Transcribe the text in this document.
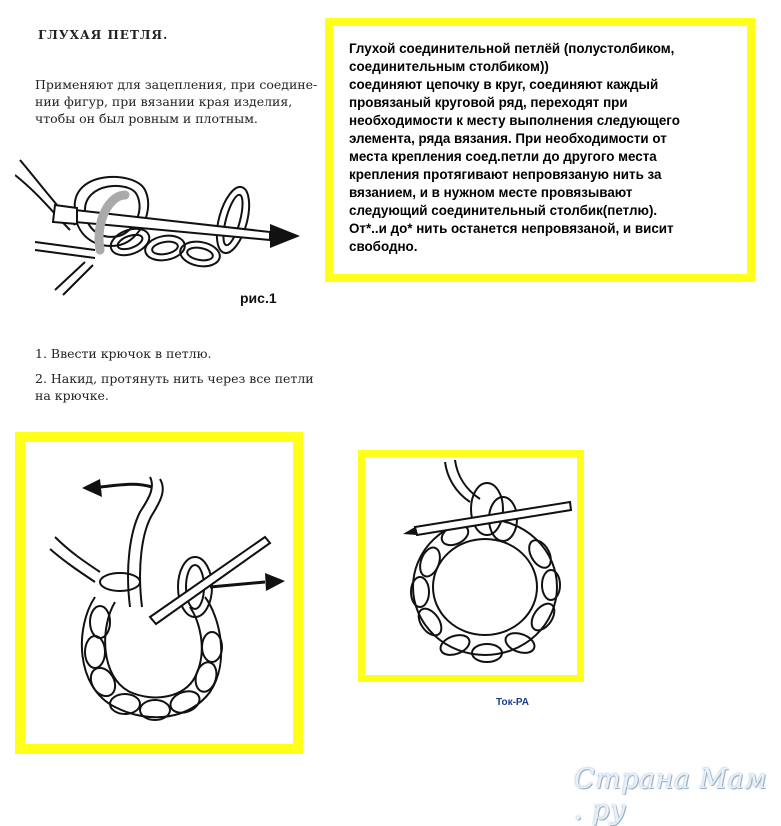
ГЛУХАЯ ПЕТЛЯ.
Применяют для зацепления, при соедине-
нии фигур, при вязании края изделия,
чтобы он был ровным и плотным.
рис.1
1. Ввести крючок в петлю.
2. Накид, протянуть нить через все петли на крючке.
Глухой соединительной петлёй (полустолбиком,
соединительным столбиком))
соединяют цепочку в круг, соединяют каждый
провязаный круговой ряд, переходят при
необходимости к месту выполнения следующего
элемента, ряда вязания. При необходимости от
места крепления соед.петли до другого места
крепления протягивают непровязаную нить за
вязанием, и в нужном месте провязывают
следующий соединительный столбик(петлю).
От*..и до* нить останется непровязаной, и висит
свободно.
Ток-РА
Страна Мам . ру
